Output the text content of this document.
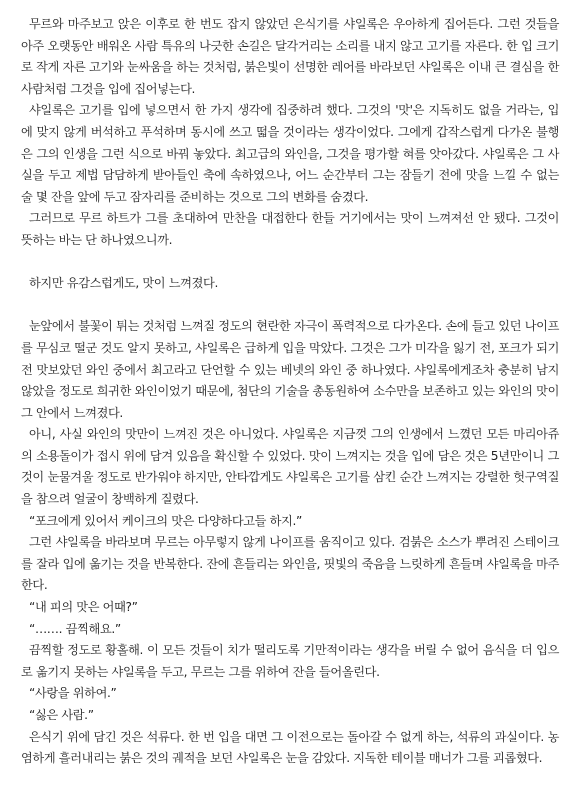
무르와 마주보고 앉은 이후로 한 번도 잡지 않았던 은식기를 샤일록은 우아하게 집어든다. 그런 것들을 아주 오랫동안 배워온 사람 특유의 나긋한 손길은 달각거리는 소리를 내지 않고 고기를 자른다. 한 입 크기로 작게 자른 고기와 눈싸움을 하는 것처럼, 붉은빛이 선명한 레어를 바라보던 샤일록은 이내 큰 결심을 한 사람처럼 그것을 입에 집어넣는다.

샤일록은 고기를 입에 넣으면서 한 가지 생각에 집중하려 했다. 그것의 '맛'은 지독히도 없을 거라는, 입에 맞지 않게 버석하고 푸석하며 동시에 쓰고 떫을 것이라는 생각이었다. 그에게 갑작스럽게 다가온 불행은 그의 인생을 그런 식으로 바꿔 놓았다. 최고급의 와인을, 그것을 평가할 혀를 앗아갔다. 샤일록은 그 사실을 두고 제법 담담하게 받아들인 축에 속하였으나, 어느 순간부터 그는 잠들기 전에 맛을 느낄 수 없는 술 몇 잔을 앞에 두고 잠자리를 준비하는 것으로 그의 변화를 숨겼다.

그러므로 무르 하트가 그를 초대하여 만찬을 대접한다 한들 거기에서는 맛이 느껴져선 안 됐다. 그것이 뜻하는 바는 단 하나였으니까.

하지만 유감스럽게도, 맛이 느껴졌다.

눈앞에서 불꽃이 튀는 것처럼 느껴질 정도의 현란한 자극이 폭력적으로 다가온다. 손에 들고 있던 나이프를 무심코 떨군 것도 알지 못하고, 샤일록은 급하게 입을 막았다. 그것은 그가 미각을 잃기 전, 포크가 되기 전 맛보았던 와인 중에서 최고라고 단언할 수 있는 베넷의 와인 중 하나였다. 샤일록에게조차 충분히 남지 않았을 정도로 희귀한 와인이었기 때문에, 첨단의 기술을 총동원하여 소수만을 보존하고 있는 와인의 맛이 그 안에서 느껴졌다.

아니, 사실 와인의 맛만이 느껴진 것은 아니었다. 샤일록은 지금껏 그의 인생에서 느꼈던 모든 마리아쥬의 소용돌이가 접시 위에 담겨 있음을 확신할 수 있었다. 맛이 느껴지는 것을 입에 담은 것은 5년만이니 그것이 눈물겨울 정도로 반가워야 하지만, 안타깝게도 샤일록은 고기를 삼킨 순간 느껴지는 강렬한 헛구역질을 참으려 얼굴이 창백하게 질렸다.

“포크에게 있어서 케이크의 맛은 다양하다고들 하지.”

그런 샤일록을 바라보며 무르는 아무렇지 않게 나이프를 움직이고 있다. 검붉은 소스가 뿌려진 스테이크를 잘라 입에 옮기는 것을 반복한다. 잔에 흔들리는 와인을, 핏빛의 죽음을 느릿하게 흔들며 샤일록을 마주한다.

“내 피의 맛은 어때?”

“……. 끔찍해요.”

끔찍할 정도로 황홀해. 이 모든 것들이 치가 떨리도록 기만적이라는 생각을 버릴 수 없어 음식을 더 입으로 옮기지 못하는 샤일록을 두고, 무르는 그를 위하여 잔을 들어올린다.

“사랑을 위하여.”

“싫은 사람.”

은식기 위에 담긴 것은 석류다. 한 번 입을 대면 그 이전으로는 돌아갈 수 없게 하는, 석류의 과실이다. 농염하게 흘러내리는 붉은 것의 궤적을 보던 샤일록은 눈을 감았다. 지독한 테이블 매너가 그를 괴롭혔다.
